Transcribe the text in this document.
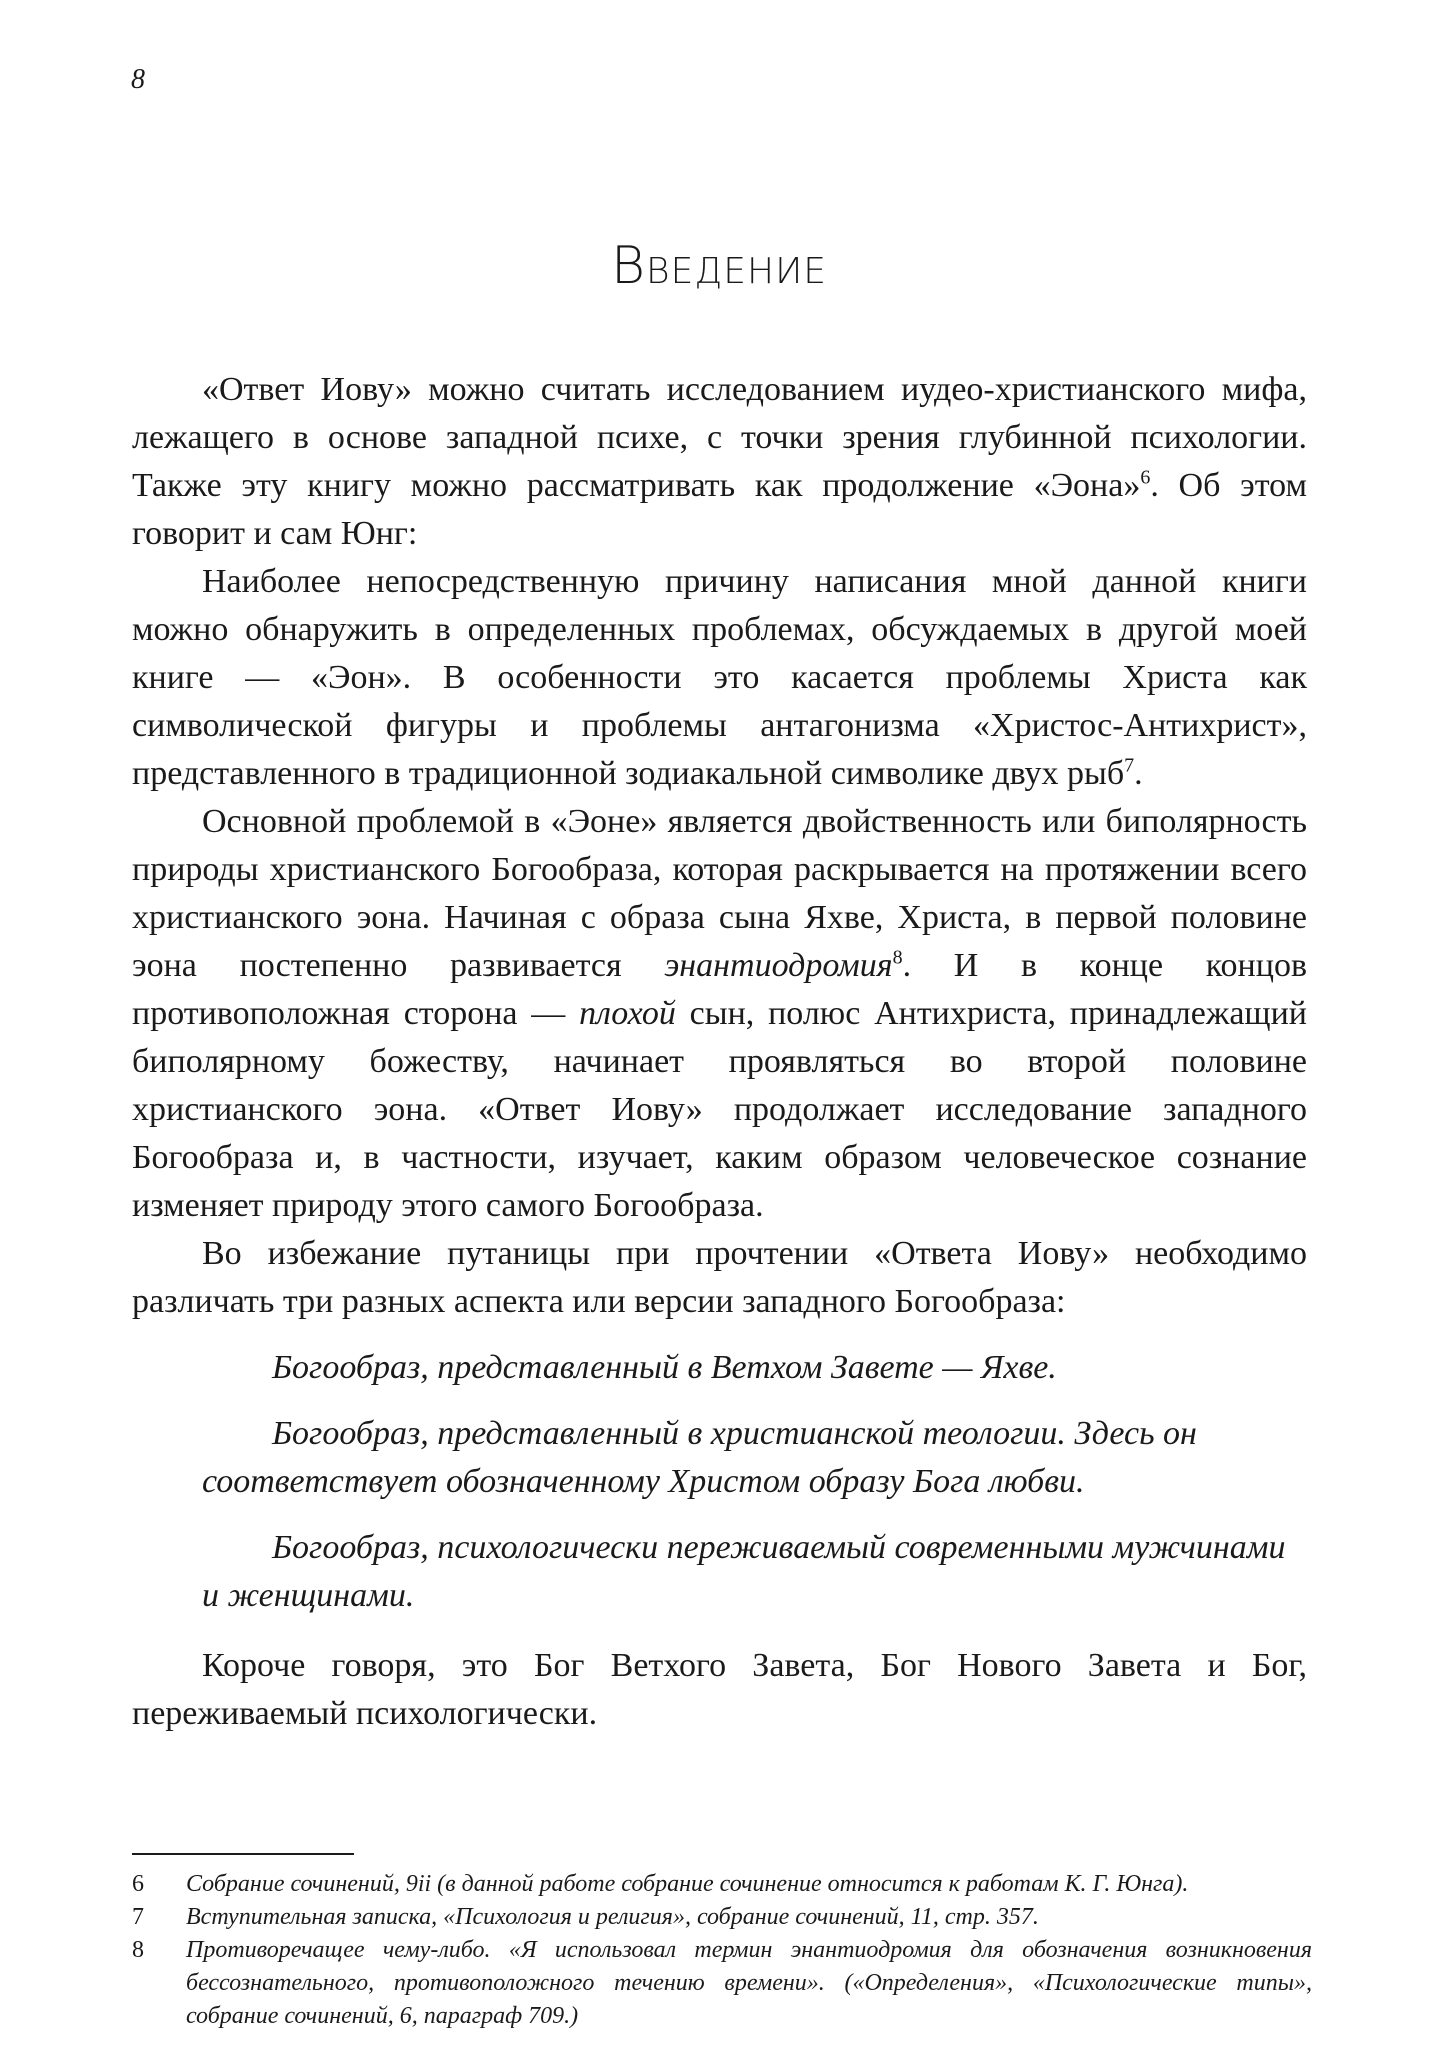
8
Введение

«Ответ Иову» можно считать исследованием иудео-христианского мифа, лежащего в основе западной психе, с точки зрения глубинной психологии. Также эту книгу можно рассматривать как продолжение «Эона»$^6$. Об этом говорит и сам Юнг:

Наиболее непосредственную причину написания мной данной книги можно обнаружить в определенных проблемах, обсуждаемых в другой моей книге — «Эон». В особенности это касается проблемы Христа как символической фигуры и проблемы антагонизма «Христос-Антихрист», представленного в традиционной зодиакальной символике двух рыб$^7$.

Основной проблемой в «Эоне» является двойственность или биполярность природы христианского Богообраза, которая раскрывается на протяжении всего христианского эона. Начиная с образа сына Яхве, Христа, в первой половине эона постепенно развивается энантиодромия$^8$. И в конце концов противоположная сторона — плохой сын, полюс Антихриста, принадлежащий биполярному божеству, начинает проявляться во второй половине христианского эона. «Ответ Иову» продолжает исследование западного Богообраза и, в частности, изучает, каким образом человеческое сознание изменяет природу этого самого Богообраза.

Во избежание путаницы при прочтении «Ответа Иову» необходимо различать три разных аспекта или версии западного Богообраза:

Богообраз, представленный в Ветхом Завете — Яхве.

Богообраз, представленный в христианской теологии. Здесь он соответствует обозначенному Христом образу Бога любви.

Богообраз, психологически переживаемый современными мужчинами и женщинами.

Короче говоря, это Бог Ветхого Завета, Бог Нового Завета и Бог, переживаемый психологически.

6	Собрание сочинений, 9ii (в данной работе собрание сочинение относится к работам К. Г. Юнга).
7	Вступительная записка, «Психология и религия», собрание сочинений, 11, стр. 357.
8	Противоречащее чему-либо. «Я использовал термин энантиодромия для обозначения возникновения бессознательного, противоположного течению времени». («Определения», «Психологические типы», собрание сочинений, 6, параграф 709.)
